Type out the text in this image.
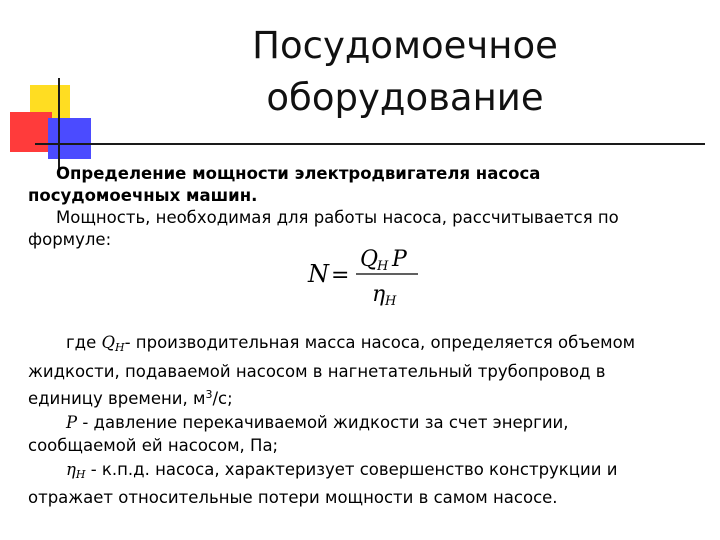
Посудомоечное
оборудование

Определение мощности электродвигателя насоса

посудомоечных машин.

Мощность, необходимая для работы насоса, рассчитывается по

формуле:

N =
Q
H P
η H

где $Q_H-$ производительная масса насоса, определяется объемом

жидкости, подаваемой насосом в нагнетательный трубопровод в

единицу времени, $м^3/с$;

P - давление перекачиваемой жидкости за счет энергии,

сообщаемой ей насосом, Па;

$\eta_H - к.п.д$. насоса, характеризует совершенство конструкции и

отражает относительные потери мощности в самом насосе.
